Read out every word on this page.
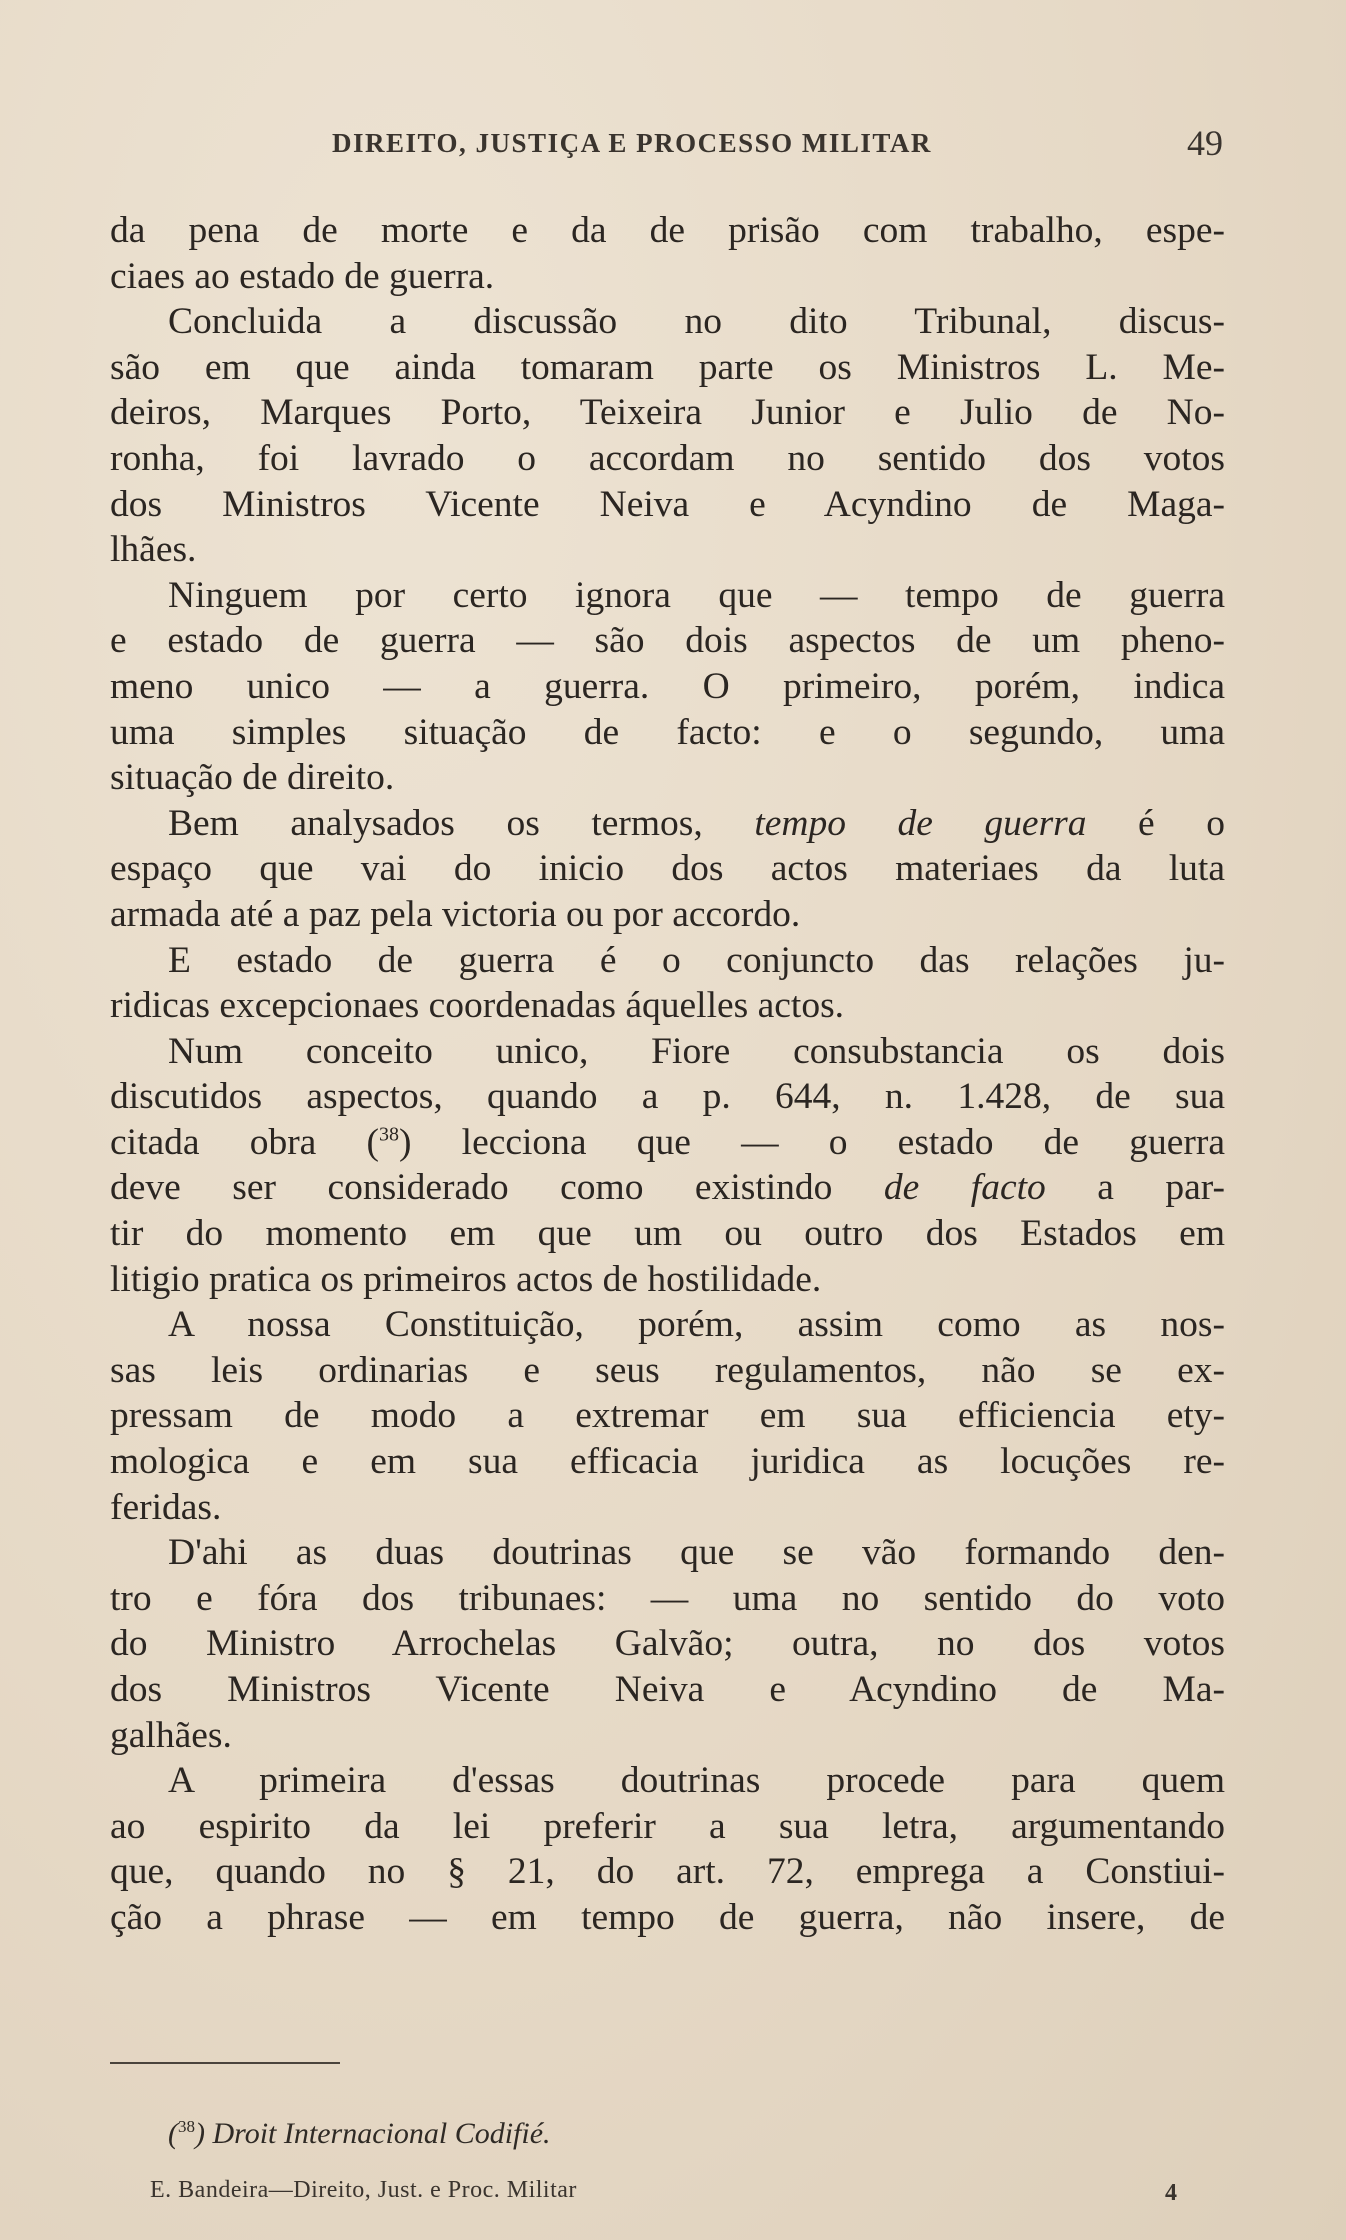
DIREITO, JUSTIÇA E PROCESSO MILITAR	49
da pena de morte e da de prisão com trabalho, espe-
ciaes ao estado de guerra.
Concluida a discussão no dito Tribunal, discus-
são em que ainda tomaram parte os Ministros L. Me-
deiros, Marques Porto, Teixeira Junior e Julio de No-
ronha, foi lavrado o accordam no sentido dos votos
dos Ministros Vicente Neiva e Acyndino de Maga-
lhães.
Ninguem por certo ignora que — tempo de guerra
e estado de guerra — são dois aspectos de um pheno-
meno unico — a guerra. O primeiro, porém, indica
uma simples situação de facto: e o segundo, uma
situação de direito.
Bem analysados os termos, tempo de guerra é o
espaço que vai do inicio dos actos materiaes da luta
armada até a paz pela victoria ou por accordo.
E estado de guerra é o conjuncto das relações ju-
ridicas excepcionaes coordenadas áquelles actos.
Num conceito unico, Fiore consubstancia os dois
discutidos aspectos, quando a p. 644, n. 1.428, de sua
citada obra ($^{38}$) lecciona que — o estado de guerra
deve ser considerado como existindo de facto a par-
tir do momento em que um ou outro dos Estados em
litigio pratica os primeiros actos de hostilidade.
A nossa Constituição, porém, assim como as nos-
sas leis ordinarias e seus regulamentos, não se ex-
pressam de modo a extremar em sua efficiencia ety-
mologica e em sua efficacia juridica as locuções re-
feridas.
D'ahi as duas doutrinas que se vão formando den-
tro e fóra dos tribunaes: — uma no sentido do voto
do Ministro Arrochelas Galvão; outra, no dos votos
dos Ministros Vicente Neiva e Acyndino de Ma-
galhães.
A primeira d'essas doutrinas procede para quem
ao espirito da lei preferir a sua letra, argumentando
que, quando no § 21, do art. 72, emprega a Constiui-
ção a phrase — em tempo de guerra, não insere, de
($^{38}$) Droit Internacional Codifié.
E. Bandeira—Direito, Just. e Proc. Militar	4
